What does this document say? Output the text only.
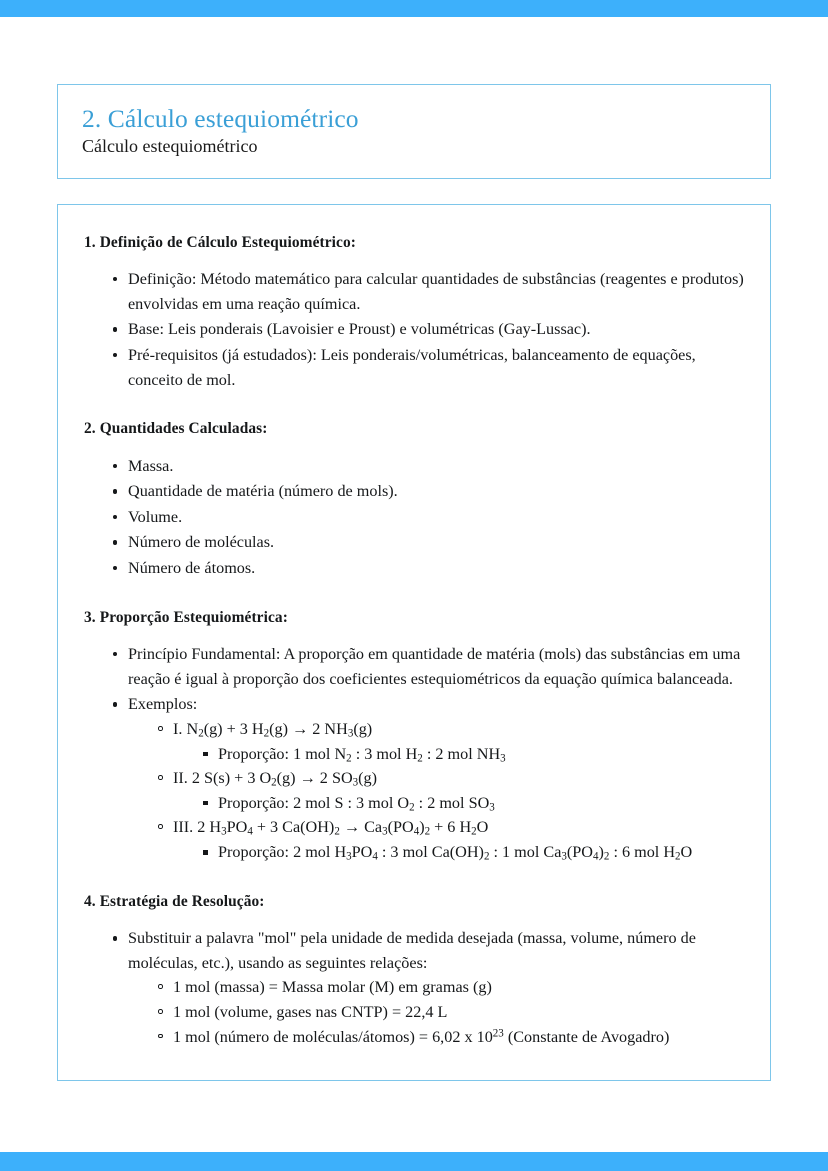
2. Cálculo estequiométrico
Cálculo estequiométrico
1. Definição de Cálculo Estequiométrico:
Definição: Método matemático para calcular quantidades de substâncias (reagentes e produtos) envolvidas em uma reação química.
Base: Leis ponderais (Lavoisier e Proust) e volumétricas (Gay-Lussac).
Pré-requisitos (já estudados): Leis ponderais/volumétricas, balanceamento de equações, conceito de mol.
2. Quantidades Calculadas:
Massa.
Quantidade de matéria (número de mols).
Volume.
Número de moléculas.
Número de átomos.
3. Proporção Estequiométrica:
Princípio Fundamental: A proporção em quantidade de matéria (mols) das substâncias em uma reação é igual à proporção dos coeficientes estequiométricos da equação química balanceada.
Exemplos:
I. $N_2(g) + 3$ $H_2(g) \to 2$ $NH_3(g)$
Proporção: 1 mol $N_2$ : 3 mol $H_2$ : 2 mol $NH_3$
II. 2 S(s) + 3 $O_2(g) \to 2$ $SO_3(g)$
Proporção: 2 mol S : 3 mol $O_2$ : 2 mol $SO_3$
III. 2 $H_3PO_4 + 3$ $Ca(OH)_2 \to Ca_3(PO_4)_2 + 6$ $H_2O$
Proporção: 2 mol $H_3PO_4$ : 3 mol $Ca(OH)_2$ : 1 mol $Ca_3(PO_4)_2$ : 6 mol $H_2O$
4. Estratégia de Resolução:
Substituir a palavra "mol" pela unidade de medida desejada (massa, volume, número de moléculas, etc.), usando as seguintes relações:
1 mol (massa) = Massa molar (M) em gramas (g)
1 mol (volume, gases nas CNTP) = 22,4 L
1 mol (número de moléculas/átomos) = 6,02 x $10^{23}$ (Constante de Avogadro)
